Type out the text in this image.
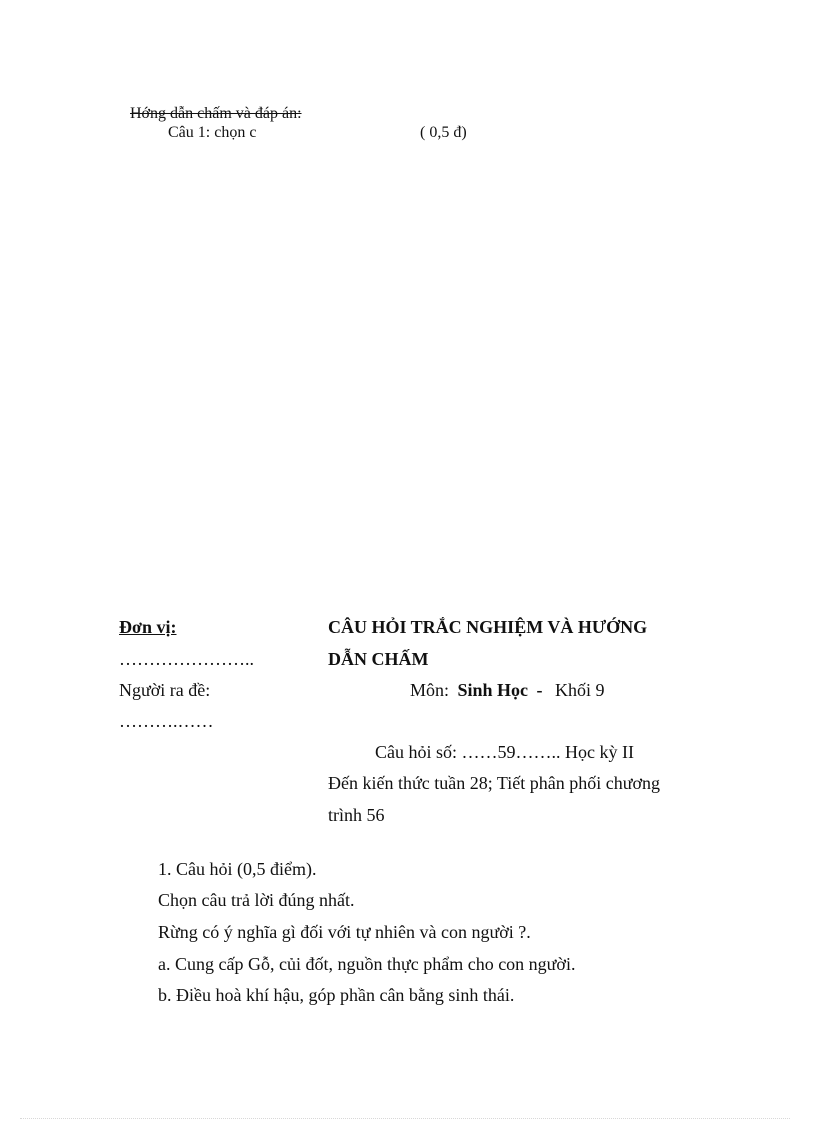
Hớng dẫn chấm và đáp án:
Câu 1: chọn c	( 0,5 đ)
Đơn vị:
…………………..
Người ra đề:
……….……
CÂU HỎI TRẮC NGHIỆM VÀ HƯỚNG
DẪN CHẤM
Môn: Sinh Học - Khối 9
Câu hỏi số: ……59…….. Học kỳ II
Đến kiến thức tuần 28; Tiết phân phối chương
trình 56
1. Câu hỏi (0,5 điểm).
Chọn câu trả lời đúng nhất.
Rừng có ý nghĩa gì đối với tự nhiên và con người ?.
a. Cung cấp Gỗ, củi đốt, nguồn thực phẩm cho con người.
b. Điều hoà khí hậu, góp phần cân bằng sinh thái.
